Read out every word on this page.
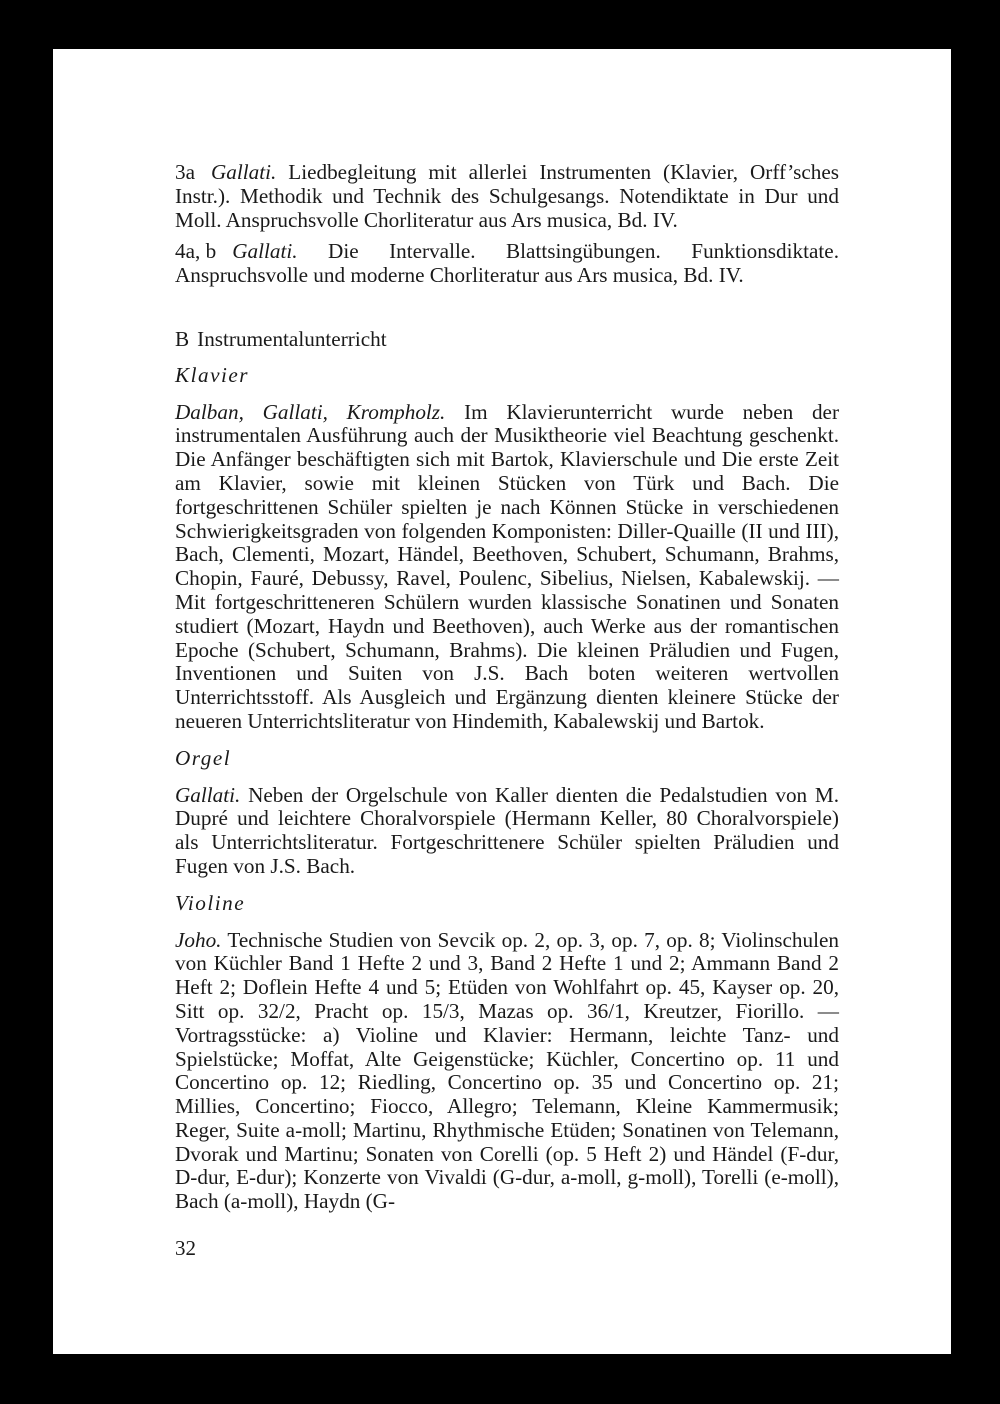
3a Gallati. Liedbegleitung mit allerlei Instrumenten (Klavier, Orff’sches Instr.). Methodik und Technik des Schulgesangs. Notendiktate in Dur und Moll. Anspruchsvolle Chorliteratur aus Ars musica, Bd. IV.

4a, b Gallati. Die Intervalle. Blattsingübungen. Funktionsdiktate. Anspruchsvolle und moderne Chorliteratur aus Ars musica, Bd. IV.

B Instrumentalunterricht

Klavier

Dalban, Gallati, Krompholz. Im Klavierunterricht wurde neben der instrumentalen Ausführung auch der Musiktheorie viel Beachtung geschenkt. Die Anfänger beschäftigten sich mit Bartok, Klavierschule und Die erste Zeit am Klavier, sowie mit kleinen Stücken von Türk und Bach. Die fortgeschrittenen Schüler spielten je nach Können Stücke in verschiedenen Schwierigkeitsgraden von folgenden Komponisten: Diller-Quaille (II und III), Bach, Clementi, Mozart, Händel, Beethoven, Schubert, Schumann, Brahms, Chopin, Fauré, Debussy, Ravel, Poulenc, Sibelius, Nielsen, Kabalewskij. — Mit fortgeschritteneren Schülern wurden klassische Sonatinen und Sonaten studiert (Mozart, Haydn und Beethoven), auch Werke aus der romantischen Epoche (Schubert, Schumann, Brahms). Die kleinen Präludien und Fugen, Inventionen und Suiten von J.S. Bach boten weiteren wertvollen Unterrichtsstoff. Als Ausgleich und Ergänzung dienten kleinere Stücke der neueren Unterrichtsliteratur von Hindemith, Kabalewskij und Bartok.

Orgel

Gallati. Neben der Orgelschule von Kaller dienten die Pedalstudien von M. Dupré und leichtere Choralvorspiele (Hermann Keller, 80 Choralvorspiele) als Unterrichtsliteratur. Fortgeschrittenere Schüler spielten Präludien und Fugen von J.S. Bach.

Violine

Joho. Technische Studien von Sevcik op. 2, op. 3, op. 7, op. 8; Violinschulen von Küchler Band 1 Hefte 2 und 3, Band 2 Hefte 1 und 2; Ammann Band 2 Heft 2; Doflein Hefte 4 und 5; Etüden von Wohlfahrt op. 45, Kayser op. 20, Sitt op. 32/2, Pracht op. 15/3, Mazas op. 36/1, Kreutzer, Fiorillo. — Vortragsstücke: a) Violine und Klavier: Hermann, leichte Tanz- und Spielstücke; Moffat, Alte Geigenstücke; Küchler, Concertino op. 11 und Concertino op. 12; Riedling, Concertino op. 35 und Concertino op. 21; Millies, Concertino; Fiocco, Allegro; Telemann, Kleine Kammermusik; Reger, Suite a-moll; Martinu, Rhythmische Etüden; Sonatinen von Telemann, Dvorak und Martinu; Sonaten von Corelli (op. 5 Heft 2) und Händel (F-dur, D-dur, E-dur); Konzerte von Vivaldi (G-dur, a-moll, g-moll), Torelli (e-moll), Bach (a-moll), Haydn (G-

32
